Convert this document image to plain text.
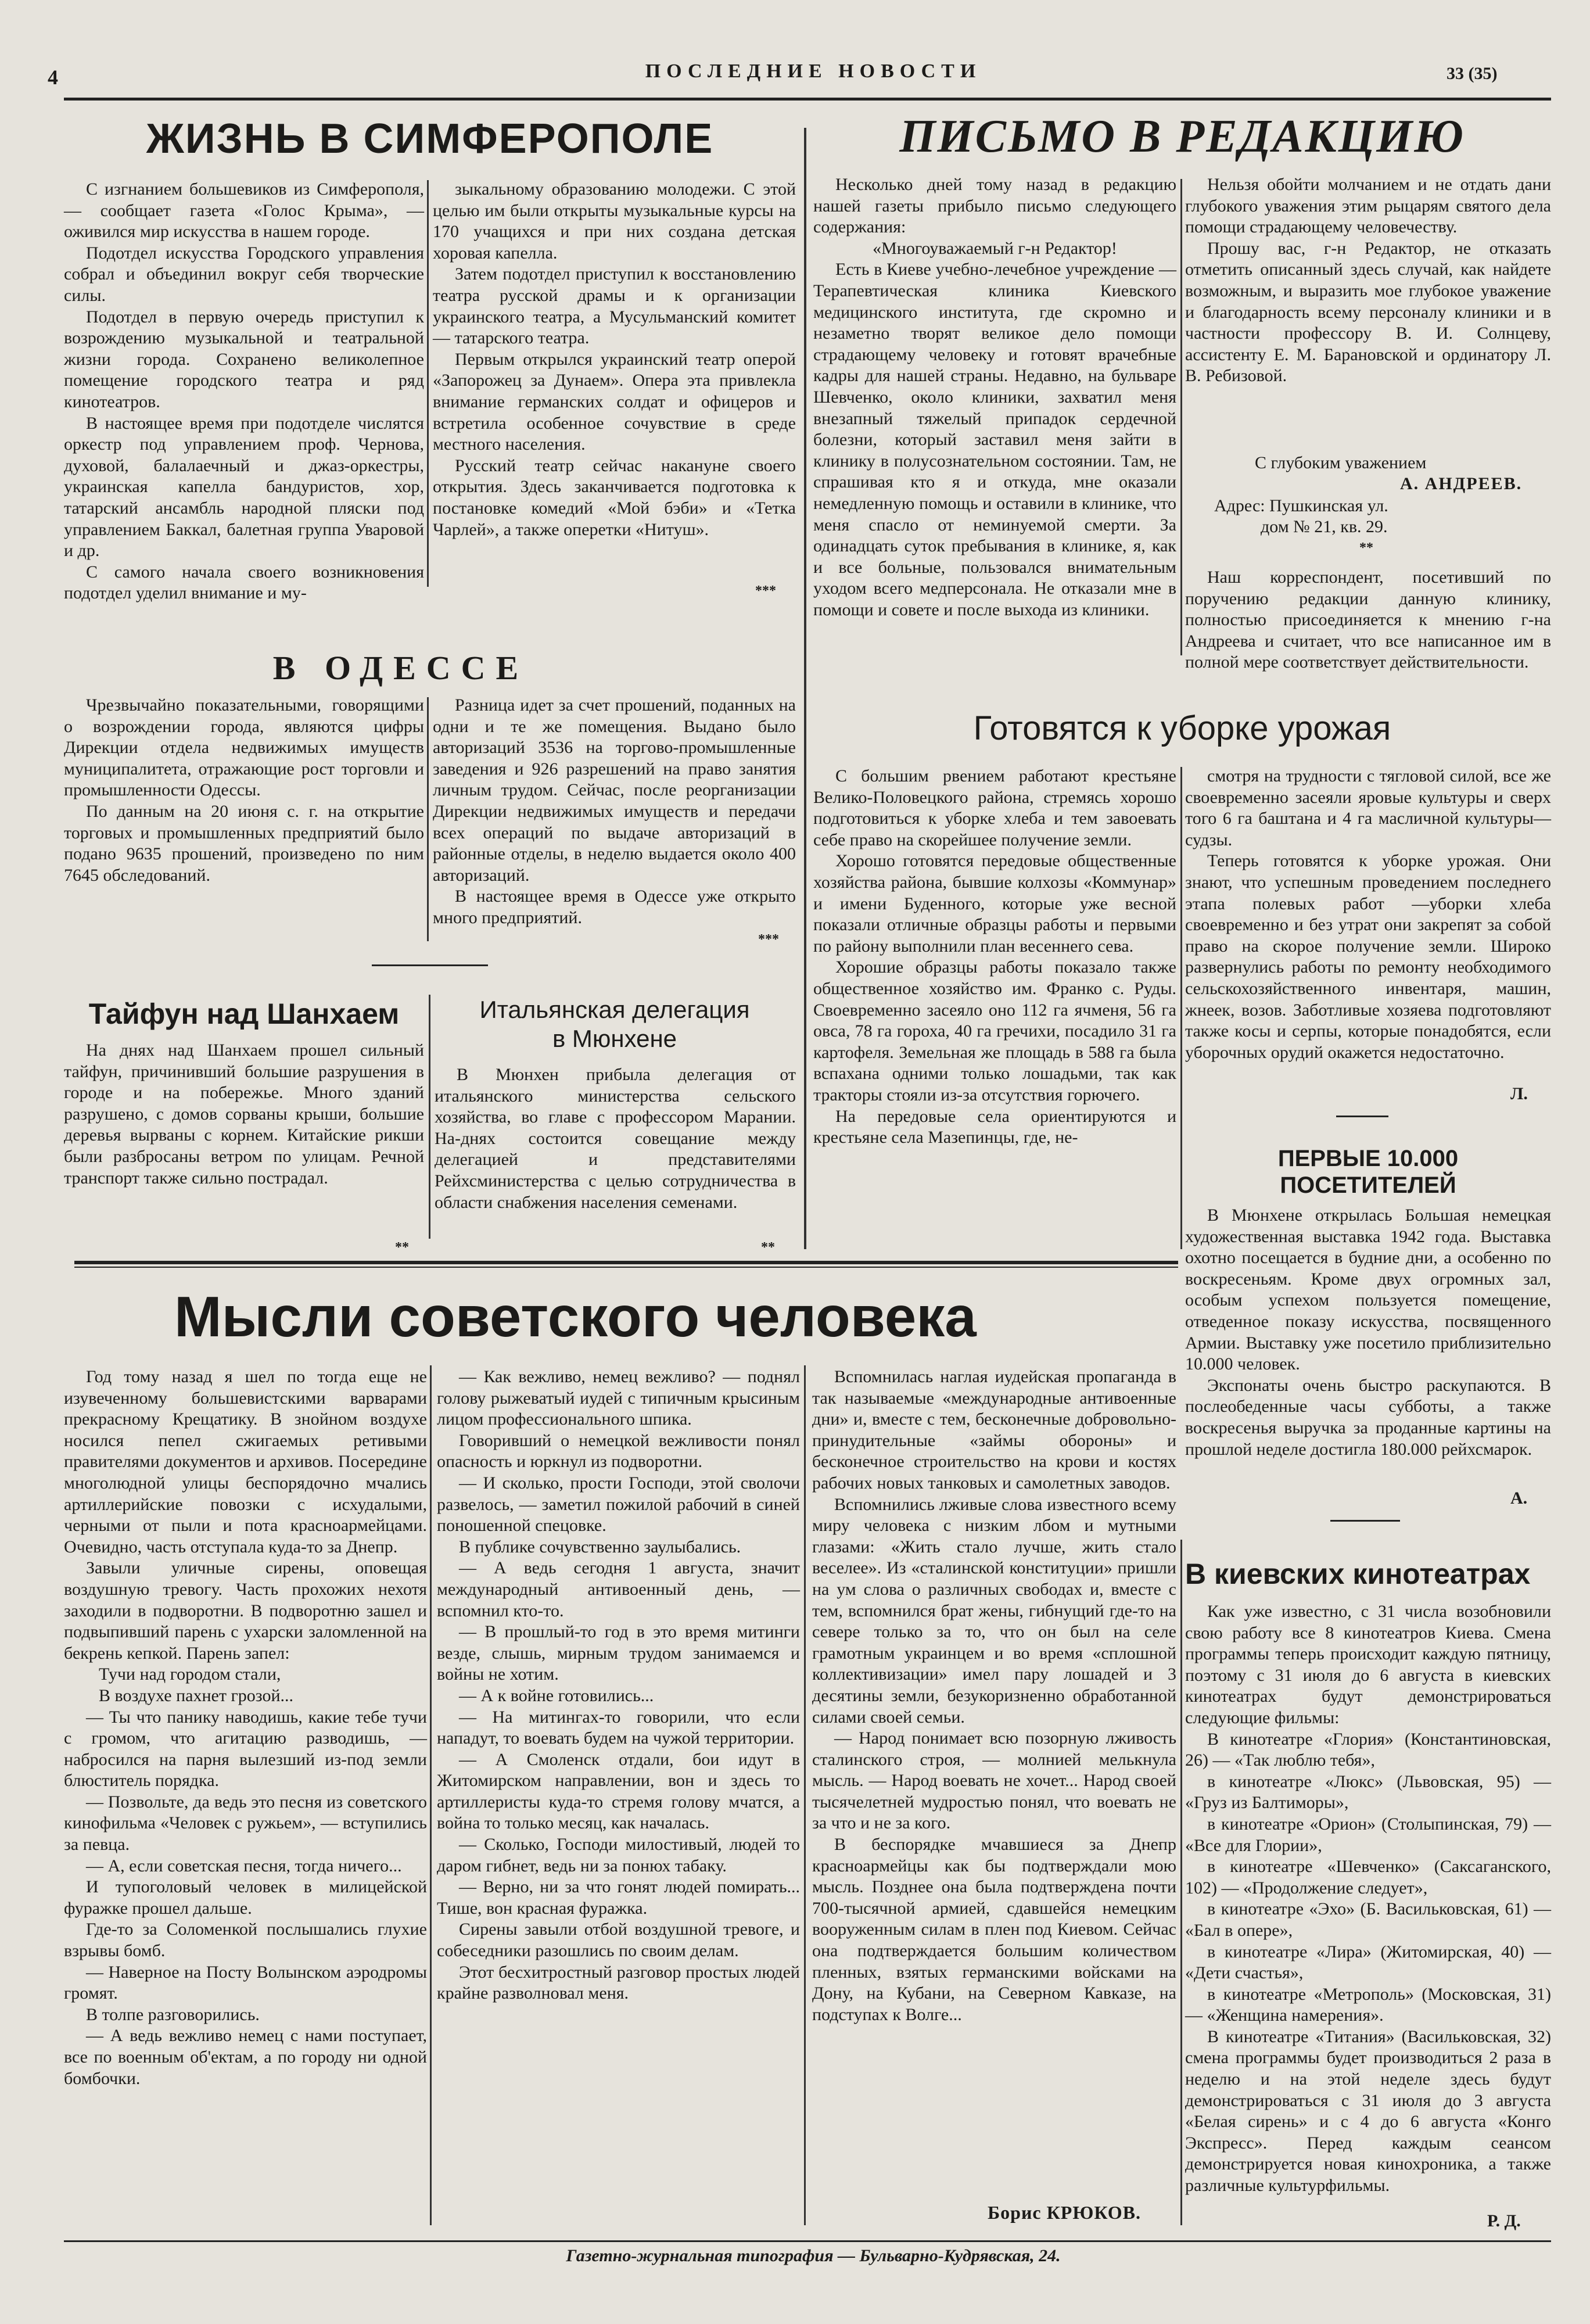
4	ПОСЛЕДНИЕ НОВОСТИ	33 (35)
ЖИЗНЬ В СИМФЕРОПОЛЕ

С изгнанием большевиков из Симферополя, — сообщает газета «Голос Крыма», — оживился мир искусства в нашем городе.

Подотдел искусства Городского управления собрал и объединил вокруг себя творческие силы.

Подотдел в первую очередь приступил к возрождению музыкальной и театральной жизни города. Сохранено великолепное помещение городского театра и ряд кинотеатров.

В настоящее время при подотделе числятся оркестр под управлением проф. Чернова, духовой, балалаечный и джаз-оркестры, украинская капелла бандуристов, хор, татарский ансамбль народной пляски под управлением Баккал, балетная группа Уваровой и др.

С самого начала своего возникновения подотдел уделил внимание и му-

зыкальному образованию молодежи. С этой целью им были открыты музыкальные курсы на 170 учащихся и при них создана детская хоровая капелла.

Затем подотдел приступил к восстановлению театра русской драмы и к организации украинского театра, а Мусульманский комитет — татарского театра.

Первым открылся украинский театр оперой «Запорожец за Дунаем». Опера эта привлекла внимание германских солдат и офицеров и встретила особенное сочувствие в среде местного населения.

Русский театр сейчас накануне своего открытия. Здесь заканчивается подготовка к постановке комедий «Мой бэби» и «Тетка Чарлей», а также оперетки «Нитуш».

***
В ОДЕССЕ

Чрезвычайно показательными, говорящими о возрождении города, являются цифры Дирекции отдела недвижимых имуществ муниципалитета, отражающие рост торговли и промышленности Одессы.

По данным на 20 июня с. г. на открытие торговых и промышленных предприятий было подано 9635 прошений, произведено по ним 7645 обследований.

Разница идет за счет прошений, поданных на одни и те же помещения. Выдано было авторизаций 3536 на торгово-промышленные заведения и 926 разрешений на право занятия личным трудом. Сейчас, после реорганизации Дирекции недвижимых имуществ и передачи всех операций по выдаче авторизаций в районные отделы, в неделю выдается около 400 авторизаций.

В настоящее время в Одессе уже открыто много предприятий.

***
Тайфун над Шанхаем

На днях над Шанхаем прошел сильный тайфун, причинивший большие разрушения в городе и на побережье. Много зданий разрушено, с домов сорваны крыши, большие деревья вырваны с корнем. Китайские рикши были разбросаны ветром по улицам. Речной транспорт также сильно пострадал.

**
Итальянская делегация
в Мюнхене

В Мюнхен прибыла делегация от итальянского министерства сельского хозяйства, во главе с профессором Марании. На-днях состоится совещание между делегацией и представителями Рейхсминистерства с целью сотрудничества в области снабжения населения семенами.

**
ПИСЬМО В РЕДАКЦИЮ

Несколько дней тому назад в редакцию нашей газеты прибыло письмо следующего содержания:

«Многоуважаемый г-н Редактор!

Есть в Киеве учебно-лечебное учреждение — Терапевтическая клиника Киевского медицинского института, где скромно и незаметно творят великое дело помощи страдающему человеку и готовят врачебные кадры для нашей страны. Недавно, на бульваре Шевченко, около клиники, захватил меня внезапный тяжелый припадок сердечной болезни, который заставил меня зайти в клинику в полусознательном состоянии. Там, не спрашивая кто я и откуда, мне оказали немедленную помощь и оставили в клинике, что меня спасло от неминуемой смерти. За одинадцать суток пребывания в клинике, я, как и все больные, пользовался внимательным уходом всего медперсонала. Не отказали мне в помощи и совете и после выхода из клиники.

Нельзя обойти молчанием и не отдать дани глубокого уважения этим рыцарям святого дела помощи страдающему человечеству.

Прошу вас, г-н Редактор, не отказать отметить описанный здесь случай, как найдете возможным, и выразить мое глубокое уважение и благодарность всему персоналу клиники и в частности профессору В. И. Солнцеву, ассистенту Е. М. Барановской и ординатору Л. В. Ребизовой.

С глубоким уважением
А. АНДРЕЕВ.
Адрес: Пушкинская ул.
дом № 21, кв. 29.
**

Наш корреспондент, посетивший по поручению редакции данную клинику, полностью присоединяется к мнению г-на Андреева и считает, что все написанное им в полной мере соответствует действительности.

Готовятся к уборке урожая

С большим рвением работают крестьяне Велико-Половецкого района, стремясь хорошо подготовиться к уборке хлеба и тем завоевать себе право на скорейшее получение земли.

Хорошо готовятся передовые общественные хозяйства района, бывшие колхозы «Коммунар» и имени Буденного, которые уже весной показали отличные образцы работы и первыми по району выполнили план весеннего сева.

Хорошие образцы работы показало также общественное хозяйство им. Франко с. Руды. Своевременно засеяло оно 112 га ячменя, 56 га овса, 78 га гороха, 40 га гречихи, посадило 31 га картофеля. Земельная же площадь в 588 га была вспахана одними только лошадьми, так как тракторы стояли из-за отсутствия горючего.

На передовые села ориентируются и крестьяне села Мазепинцы, где, не-

смотря на трудности с тягловой силой, все же своевременно засеяли яровые культуры и сверх того 6 га баштана и 4 га масличной культуры—судзы.

Теперь готовятся к уборке урожая. Они знают, что успешным проведением последнего этапа полевых работ —уборки хлеба своевременно и без утрат они закрепят за собой право на скорое получение земли. Широко развернулись работы по ремонту необходимого сельскохозяйственного инвентаря, машин, жнеек, возов. Заботливые хозяева подготовляют также косы и серпы, которые понадобятся, если уборочных орудий окажется недостаточно.

Л.
ПЕРВЫЕ 10.000
ПОСЕТИТЕЛЕЙ

В Мюнхене открылась Большая немецкая художественная выставка 1942 года. Выставка охотно посещается в будние дни, а особенно по воскресеньям. Кроме двух огромных зал, особым успехом пользуется помещение, отведенное показу искусства, посвященного Армии. Выставку уже посетило приблизительно 10.000 человек.

Экспонаты очень быстро раскупаются. В послеобеденные часы субботы, а также воскресенья выручка за проданные картины на прошлой неделе достигла 180.000 рейхсмарок.

А.
Мысли советского человека

Год тому назад я шел по тогда еще не изувеченному большевистскими варварами прекрасному Крещатику. В знойном воздухе носился пепел сжигаемых ретивыми правителями документов и архивов. Посередине многолюдной улицы беспорядочно мчались артиллерийские повозки с исхудалыми, черными от пыли и пота красноармейцами. Очевидно, часть отступала куда-то за Днепр.

Завыли уличные сирены, оповещая воздушную тревогу. Часть прохожих нехотя заходили в подворотни. В подворотню зашел и подвыпивший парень с ухарски заломленной на бекрень кепкой. Парень запел:

Тучи над городом стали,

В воздухе пахнет грозой...

— Ты что панику наводишь, какие тебе тучи с громом, что агитацию разводишь, — набросился на парня вылезший из-под земли блюститель порядка.

— Позвольте, да ведь это песня из советского кинофильма «Человек с ружьем», — вступились за певца.

— А, если советская песня, тогда ничего...

И тупоголовый человек в милицейской фуражке прошел дальше.

Где-то за Соломенкой послышались глухие взрывы бомб.

— Наверное на Посту Волынском аэродромы громят.

В толпе разговорились.

— А ведь вежливо немец с нами поступает, все по военным об'ектам, а по городу ни одной бомбочки.

— Как вежливо, немец вежливо? — поднял голову рыжеватый иудей с типичным крысиным лицом профессионального шпика.

Говоривший о немецкой вежливости понял опасность и юркнул из подворотни.

— И сколько, прости Господи, этой сволочи развелось, — заметил пожилой рабочий в синей поношенной спецовке.

В публике сочувственно заулыбались.

— А ведь сегодня 1 августа, значит международный антивоенный день, — вспомнил кто-то.

— В прошлый-то год в это время митинги везде, слышь, мирным трудом занимаемся и войны не хотим.

— А к войне готовились...

— На митингах-то говорили, что если нападут, то воевать будем на чужой территории.

— А Смоленск отдали, бои идут в Житомирском направлении, вон и здесь то артиллеристы куда-то стремя голову мчатся, а война то только месяц, как началась.

— Сколько, Господи милостивый, людей то даром гибнет, ведь ни за понюх табаку.

— Верно, ни за что гонят людей помирать... Тише, вон красная фуражка.

Сирены завыли отбой воздушной тревоге, и собеседники разошлись по своим делам.

Этот бесхитростный разговор простых людей крайне разволновал меня.

Вспомнилась наглая иудейская пропаганда в так называемые «международные антивоенные дни» и, вместе с тем, бесконечные добровольно-принудительные «займы обороны» и бесконечное строительство на крови и костях рабочих новых танковых и самолетных заводов.

Вспомнились лживые слова известного всему миру человека с низким лбом и мутными глазами: «Жить стало лучше, жить стало веселее». Из «сталинской конституции» пришли на ум слова о различных свободах и, вместе с тем, вспомнился брат жены, гибнущий где-то на севере только за то, что он был на селе грамотным украинцем и во время «сплошной коллективизации» имел пару лошадей и 3 десятины земли, безукоризненно обработанной силами своей семьи.

— Народ понимает всю позорную лживость сталинского строя, — молнией мелькнула мысль. — Народ воевать не хочет... Народ своей тысячелетней мудростью понял, что воевать не за что и не за кого.

В беспорядке мчавшиеся за Днепр красноармейцы как бы подтверждали мою мысль. Позднее она была подтверждена почти 700-тысячной армией, сдавшейся немецким вооруженным силам в плен под Киевом. Сейчас она подтверждается большим количеством пленных, взятых германскими войсками на Дону, на Кубани, на Северном Кавказе, на подступах к Волге...

Борис КРЮКОВ.
В киевских кинотеатрах

Как уже известно, с 31 числа возобновили свою работу все 8 кинотеатров Киева. Смена программы теперь происходит каждую пятницу, поэтому с 31 июля до 6 августа в киевских кинотеатрах будут демонстрироваться следующие фильмы:

В кинотеатре «Глория» (Константиновская, 26) — «Так люблю тебя»,

в кинотеатре «Люкс» (Львовская, 95) — «Груз из Балтиморы»,

в кинотеатре «Орион» (Столыпинская, 79) — «Все для Глории»,

в кинотеатре «Шевченко» (Саксаганского, 102) — «Продолжение следует»,

в кинотеатре «Эхо» (Б. Васильковская, 61) — «Бал в опере»,

в кинотеатре «Лира» (Житомирская, 40) — «Дети счастья»,

в кинотеатре «Метрополь» (Московская, 31) — «Женщина намерения».

В кинотеатре «Титания» (Васильковская, 32) смена программы будет производиться 2 раза в неделю и на этой неделе здесь будут демонстрироваться с 31 июля до 3 августа «Белая сирень» и с 4 до 6 августа «Конго Экспресс». Перед каждым сеансом демонстрируется новая кинохроника, а также различные культурфильмы.

Р. Д.
Газетно-журнальная типография — Бульварно-Кудрявская, 24.
